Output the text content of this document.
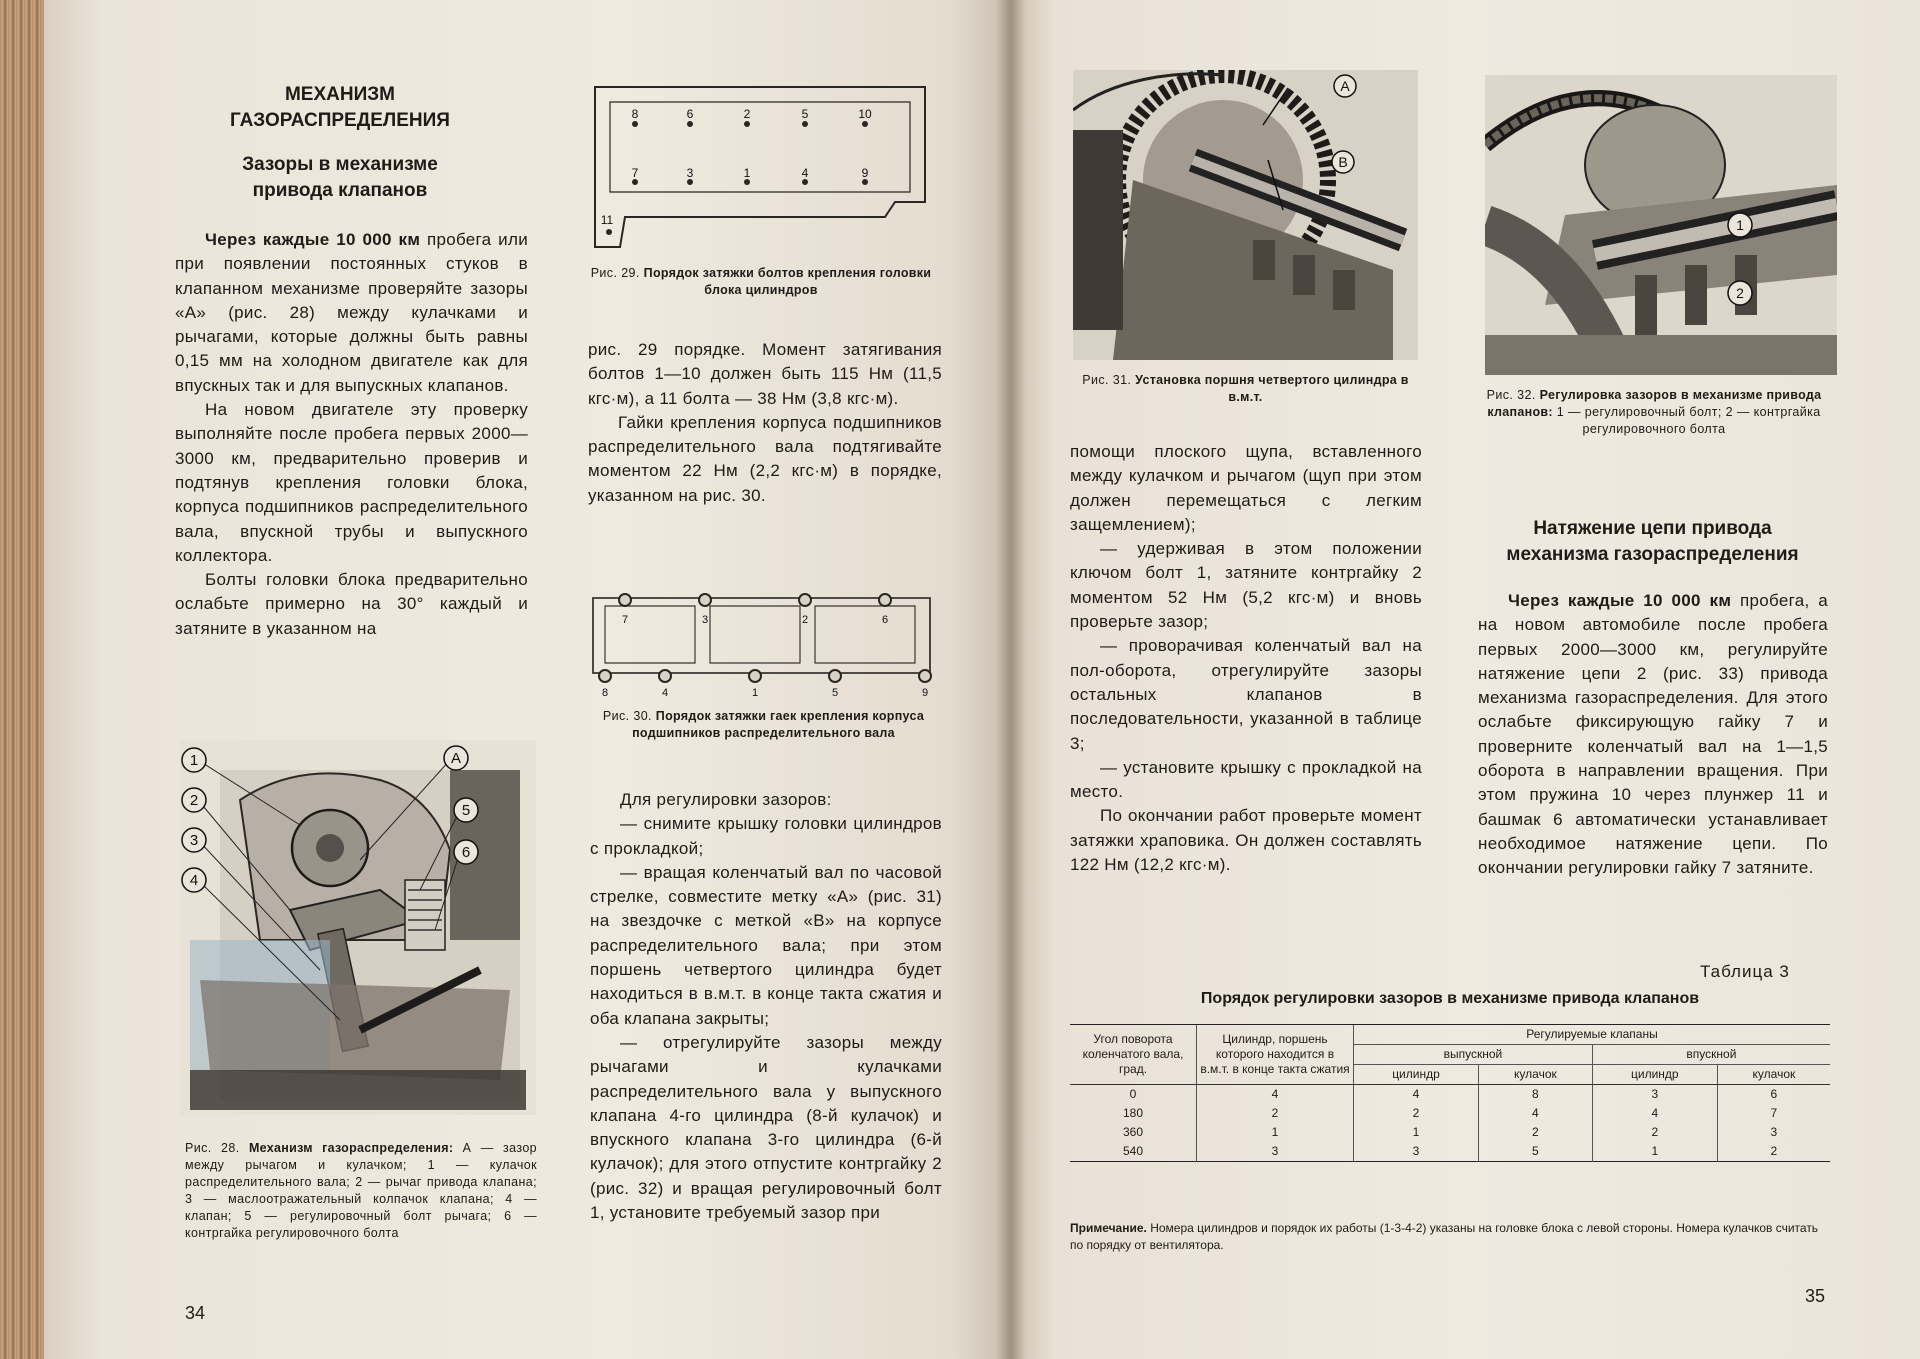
МЕХАНИЗМ
ГАЗОРАСПРЕДЕЛЕНИЯ
Зазоры в механизме
привода клапанов

Через каждые 10 000 км пробега или при появлении постоянных стуков в клапанном механизме проверяйте зазоры «А» (рис. 28) между кулачками и рычагами, которые должны быть равны 0,15 мм на холодном двигателе как для впускных так и для выпускных клапанов.

На новом двигателе эту проверку выполняйте после пробега первых 2000—3000 км, предварительно проверив и подтянув крепления головки блока, корпуса подшипников распределительного вала, впускной трубы и выпускного коллектора.

Болты головки блока предварительно ослабьте примерно на 30° каждый и затяните в указанном на

1
2
3
4
A
5
6
Рис. 28. Механизм газораспределения: А — зазор между рычагом и кулачком; 1 — кулачок распределительного вала; 2 — рычаг привода клапана; 3 — маслоотражательный колпачок клапана; 4 — клапан; 5 — регулировочный болт рычага; 6 — контргайка регулировочного болта
34
8	6	2	5	10
7	3	1	4	9
11
Рис. 29. Порядок затяжки болтов крепления головки блока цилиндров

рис. 29 порядке. Момент затягивания болтов 1—10 должен быть 115 Нм (11,5 кгс·м), а 11 болта — 38 Нм (3,8 кгс·м).

Гайки крепления корпуса подшипников распределительного вала подтягивайте моментом 22 Нм (2,2 кгс·м) в порядке, указанном на рис. 30.

7	3	2	6
8	4	1	5	9
Рис. 30. Порядок затяжки гаек крепления корпуса подшипников распределительного вала

Для регулировки зазоров:

— снимите крышку головки цилиндров с прокладкой;

— вращая коленчатый вал по часовой стрелке, совместите метку «А» (рис. 31) на звездочке с меткой «В» на корпусе распределительного вала; при этом поршень четвертого цилиндра будет находиться в в.м.т. в конце такта сжатия и оба клапана закрыты;

— отрегулируйте зазоры между рычагами и кулачками распределительного вала у выпускного клапана 4-го цилиндра (8-й кулачок) и впускного клапана 3-го цилиндра (6-й кулачок); для этого отпустите контргайку 2 (рис. 32) и вращая регулировочный болт 1, установите требуемый зазор при

A
B
Рис. 31. Установка поршня четвертого цилиндра в в.м.т.

помощи плоского щупа, вставленного между кулачком и рычагом (щуп при этом должен перемещаться с легким защемлением);

— удерживая в этом положении ключом болт 1, затяните контргайку 2 моментом 52 Нм (5,2 кгс·м) и вновь проверьте зазор;

— проворачивая коленчатый вал на пол-оборота, отрегулируйте зазоры остальных клапанов в последовательности, указанной в таблице 3;

— установите крышку с прокладкой на место.

По окончании работ проверьте момент затяжки храповика. Он должен составлять 122 Нм (12,2 кгс·м).

1
2
Рис. 32. Регулировка зазоров в механизме привода клапанов: 1 — регулировочный болт; 2 — контргайка регулировочного болта
Натяжение цепи привода
механизма газораспределения

Через каждые 10 000 км пробега, а на новом автомобиле после пробега первых 2000—3000 км, регулируйте натяжение цепи 2 (рис. 33) привода механизма газораспределения. Для этого ослабьте фиксирующую гайку 7 и проверните коленчатый вал на 1—1,5 оборота в направлении вращения. При этом пружина 10 через плунжер 11 и башмак 6 автоматически устанавливает необходимое натяжение цепи. По окончании регулировки гайку 7 затяните.

Таблица 3
Порядок регулировки зазоров в механизме привода клапанов
Угол поворота коленчатого вала, град.	Цилиндр, поршень которого находится в в.м.т. в конце такта сжатия	Регулируемые клапаны			
		выпускной		впускной	
		цилиндр	кулачок	цилиндр	кулачок
0	4	4	8	3	6
180	2	2	4	4	7
360	1	1	2	2	3
540	3	3	5	1	2
Примечание. Номера цилиндров и порядок их работы (1-3-4-2) указаны на головке блока с левой стороны. Номера кулачков считать по порядку от вентилятора.
35
